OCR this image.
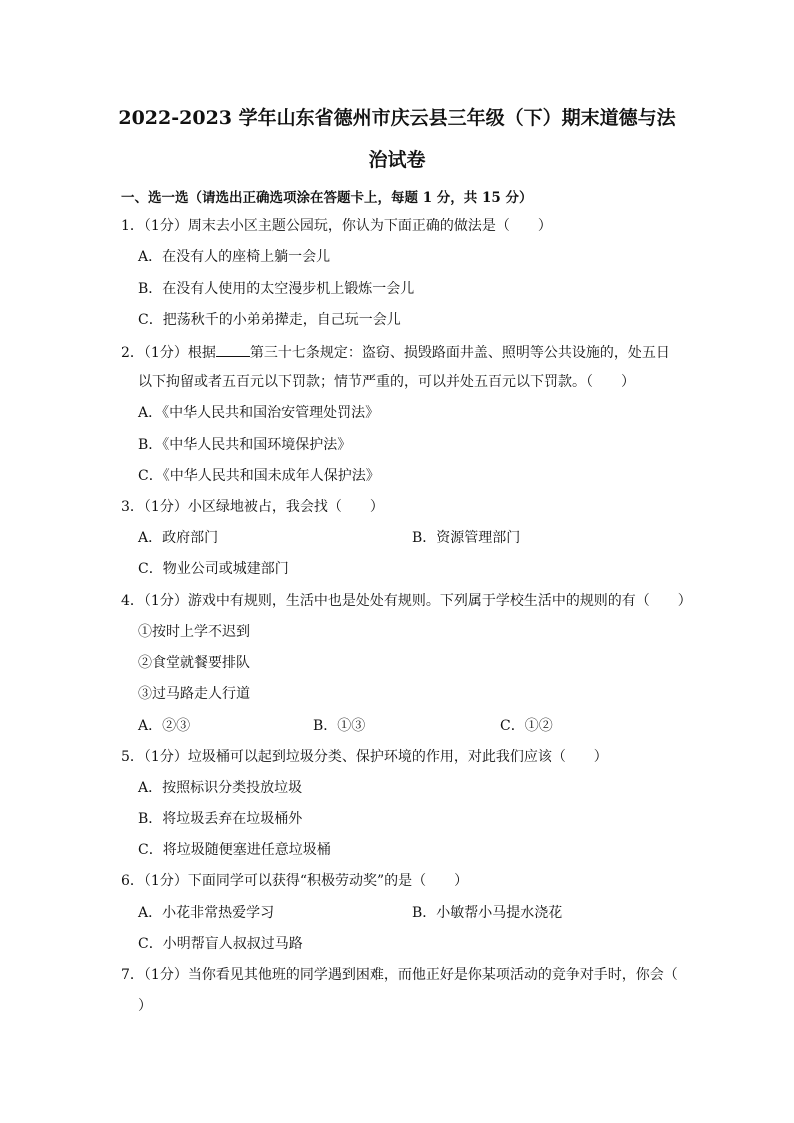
2022-2023 学年山东省德州市庆云县三年级（下）期末道德与法
治试卷

一、选一选（请选出正确选项涂在答题卡上，每题 1 分，共 15 分）

1．（1分）周末去小区主题公园玩，你认为下面正确的做法是（　　）

A．在没有人的座椅上躺一会儿

B．在没有人使用的太空漫步机上锻炼一会儿

C．把荡秋千的小弟弟撵走，自己玩一会儿

2．（1分）根据 第三十七条规定：盗窃、损毁路面井盖、照明等公共设施的，处五日

以下拘留或者五百元以下罚款；情节严重的，可以并处五百元以下罚款。（　　）

A．《中华人民共和国治安管理处罚法》

B．《中华人民共和国环境保护法》

C．《中华人民共和国未成年人保护法》

3．（1分）小区绿地被占，我会找（　　）

A．政府部门	B．资源管理部门

C．物业公司或城建部门

4．（1分）游戏中有规则，生活中也是处处有规则。下列属于学校生活中的规则的有（　　）

①按时上学不迟到

②食堂就餐要排队

③过马路走人行道

A．②③	B．①③	C．①②

5．（1分）垃圾桶可以起到垃圾分类、保护环境的作用，对此我们应该（　　）

A．按照标识分类投放垃圾

B．将垃圾丢弃在垃圾桶外

C．将垃圾随便塞进任意垃圾桶

6．（1分）下面同学可以获得“积极劳动奖”的是（　　）

A．小花非常热爱学习	B．小敏帮小马提水浇花

C．小明帮盲人叔叔过马路

7．（1分）当你看见其他班的同学遇到困难，而他正好是你某项活动的竞争对手时，你会（

）
